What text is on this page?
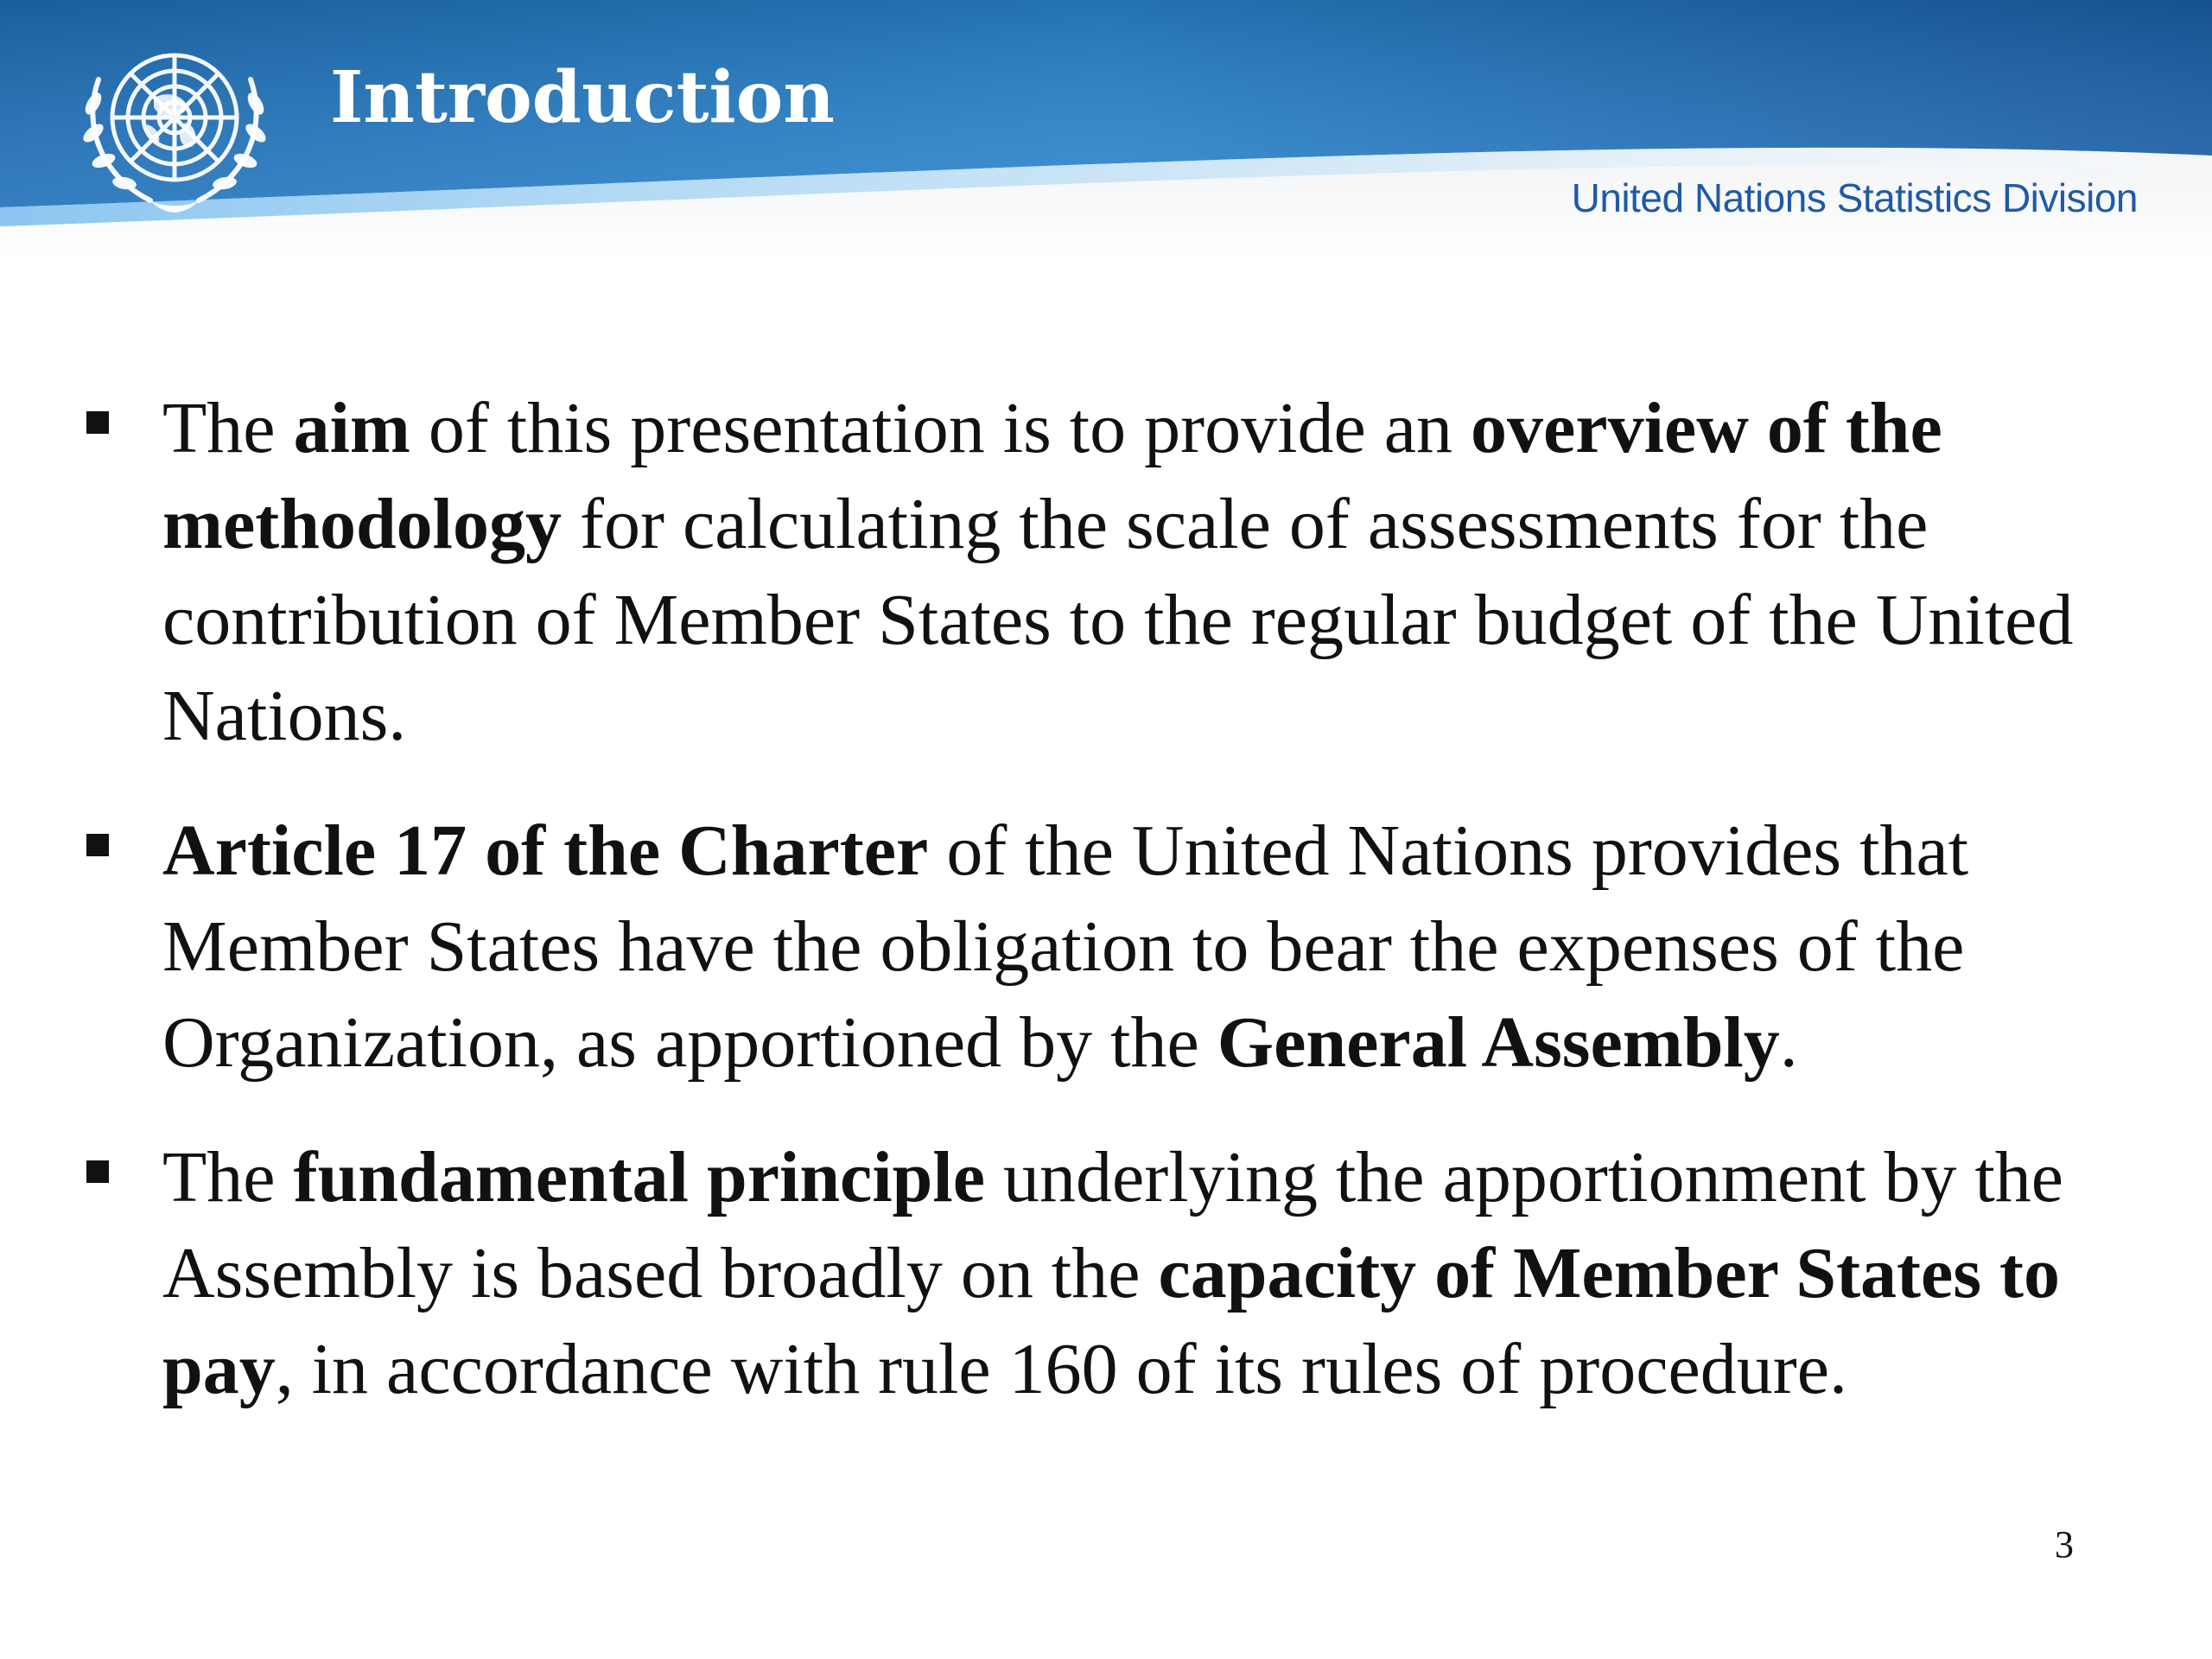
Introduction
United Nations Statistics Division
The aim of this presentation is to provide an overview of the methodology for calculating the scale of assessments for the contribution of Member States to the regular budget of the United Nations.
Article 17 of the Charter of the United Nations provides that Member States have the obligation to bear the expenses of the Organization, as apportioned by the General Assembly.
The fundamental principle underlying the apportionment by the Assembly is based broadly on the capacity of Member States to pay, in accordance with rule 160 of its rules of procedure.
3
